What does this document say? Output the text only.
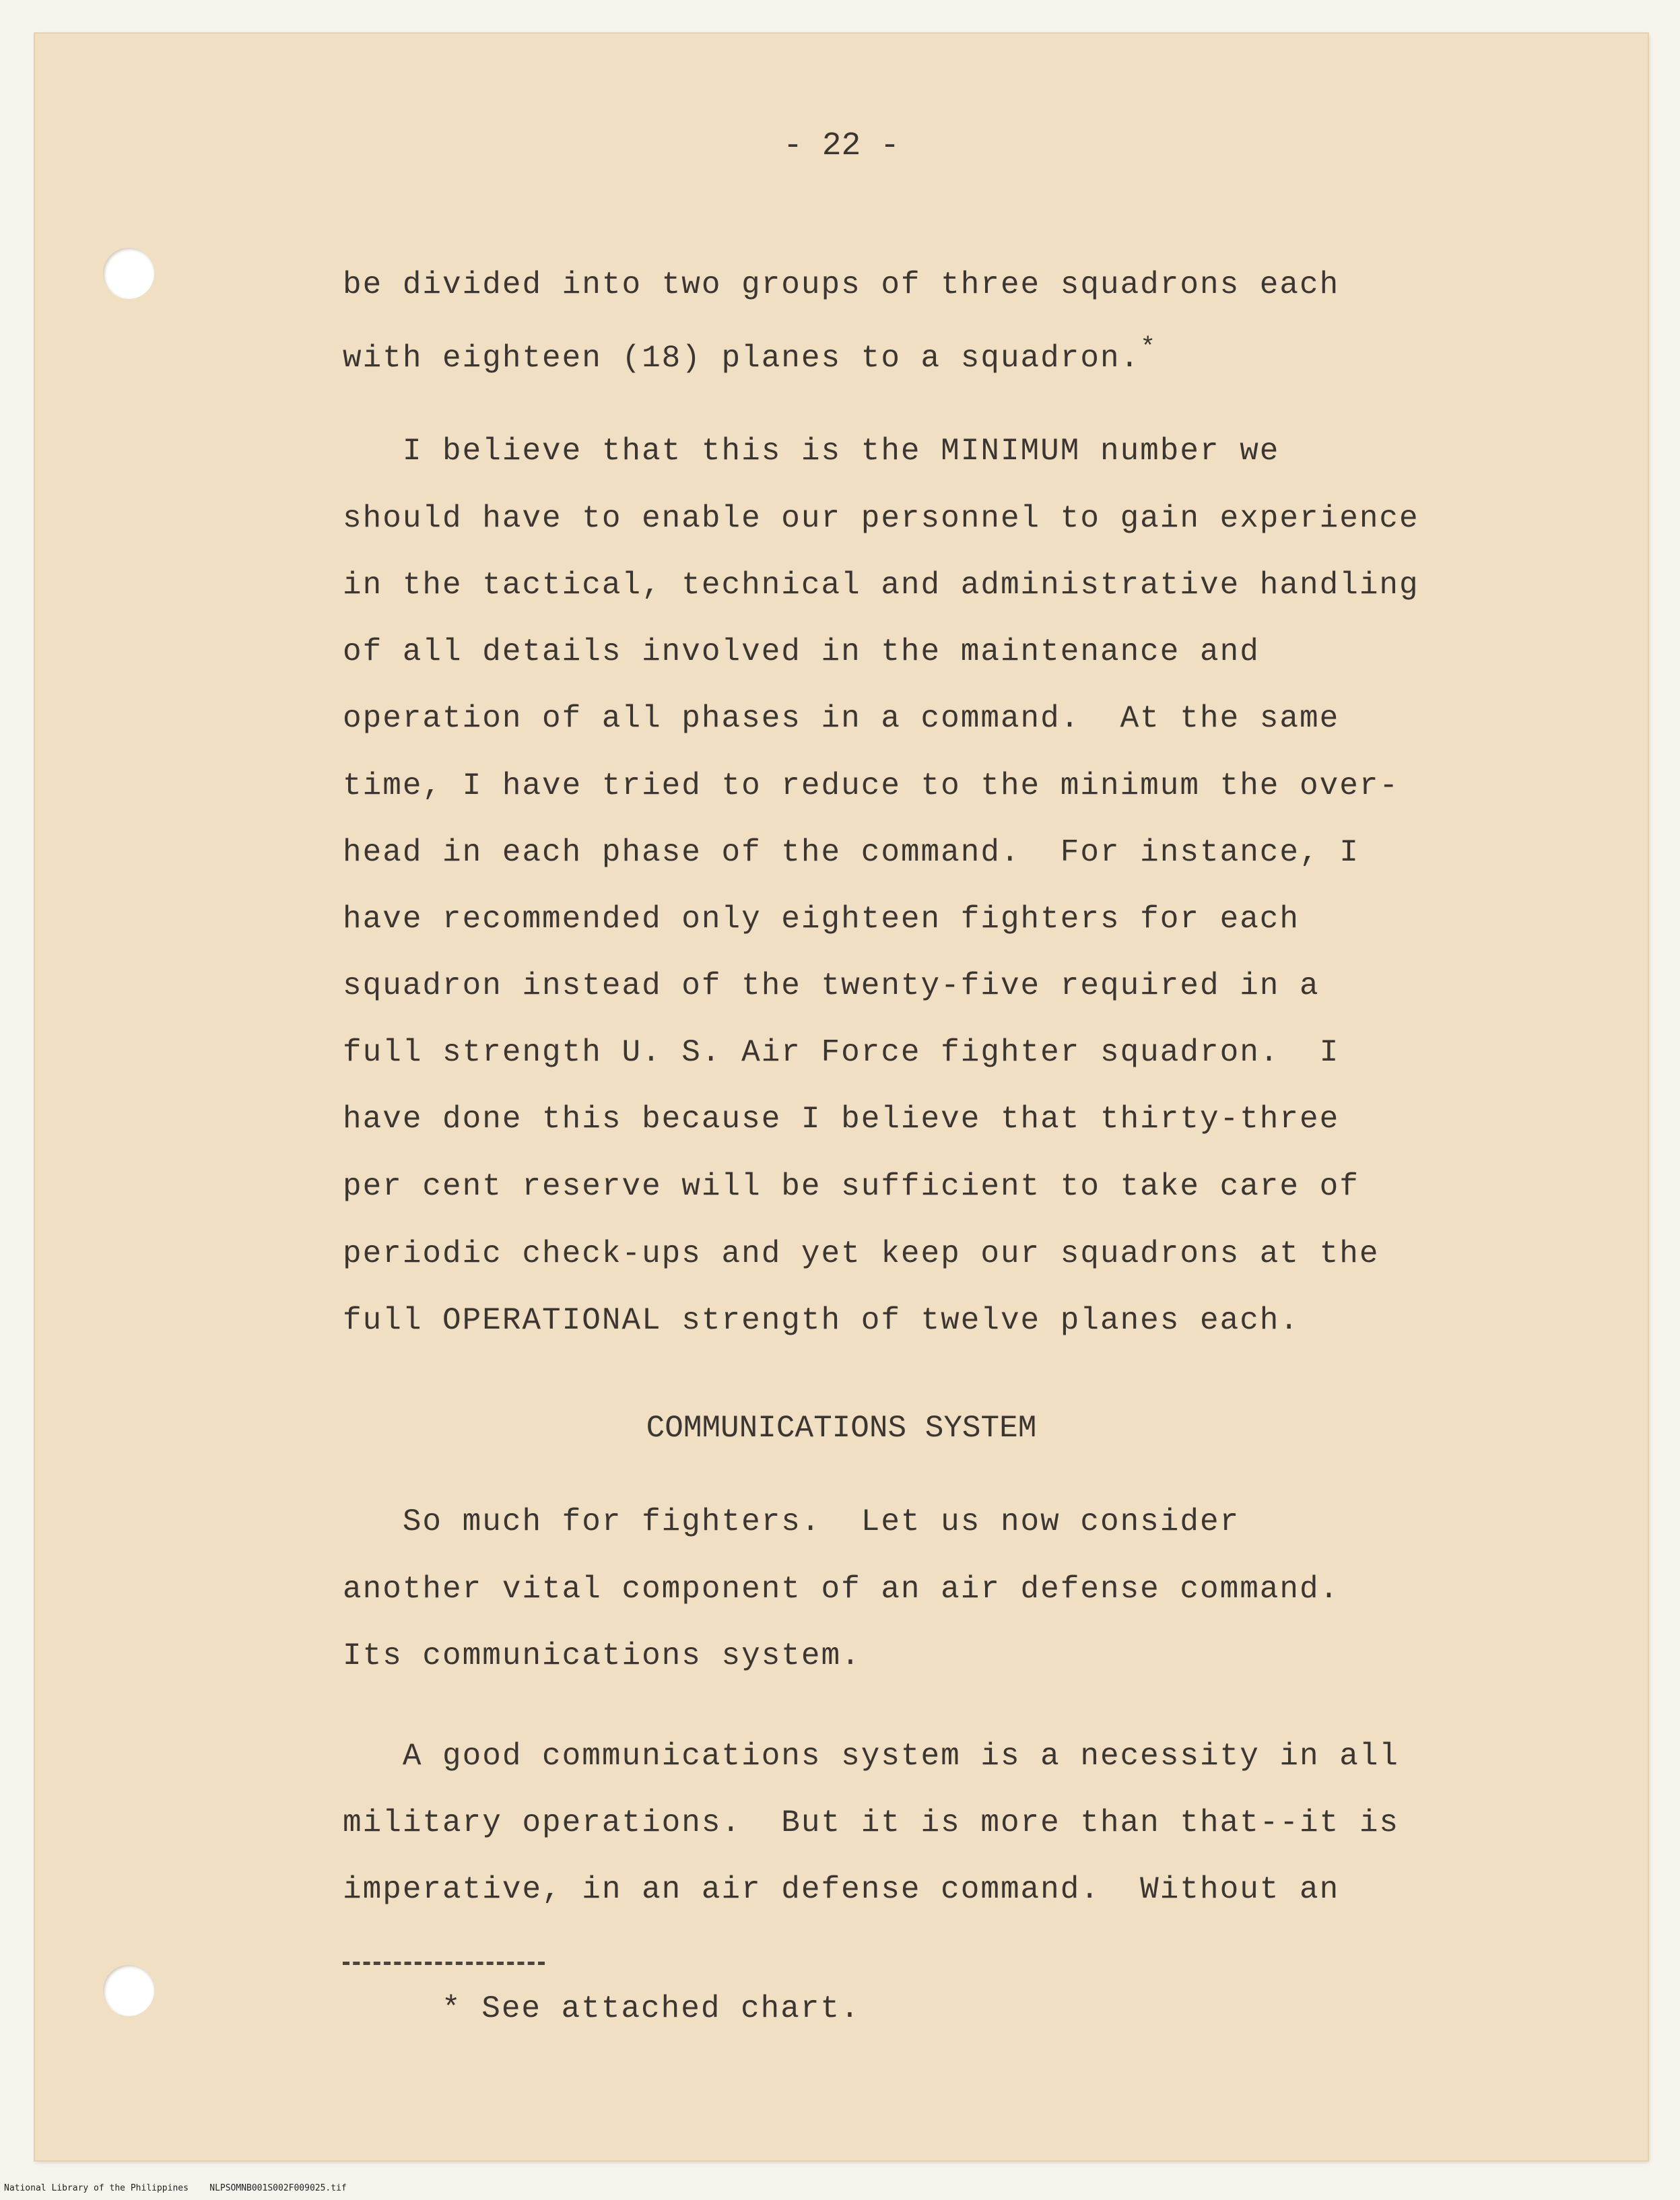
- 22 -

be divided into two groups of three squadrons each

with eighteen (18) planes to a squadron.*

I believe that this is the MINIMUM number we

should have to enable our personnel to gain experience

in the tactical, technical and administrative handling

of all details involved in the maintenance and

operation of all phases in a command.  At the same

time, I have tried to reduce to the minimum the over-

head in each phase of the command.  For instance, I

have recommended only eighteen fighters for each

squadron instead of the twenty-five required in a

full strength U. S. Air Force fighter squadron.  I

have done this because I believe that thirty-three

per cent reserve will be sufficient to take care of

periodic check-ups and yet keep our squadrons at the

full OPERATIONAL strength of twelve planes each.

COMMUNICATIONS SYSTEM

So much for fighters.  Let us now consider

another vital component of an air defense command.

Its communications system.

A good communications system is a necessity in all

military operations.  But it is more than that--it is

imperative, in an air defense command.  Without an

* See attached chart.

National Library of the Philippines    NLPSOMNB001S002F009025.tif
